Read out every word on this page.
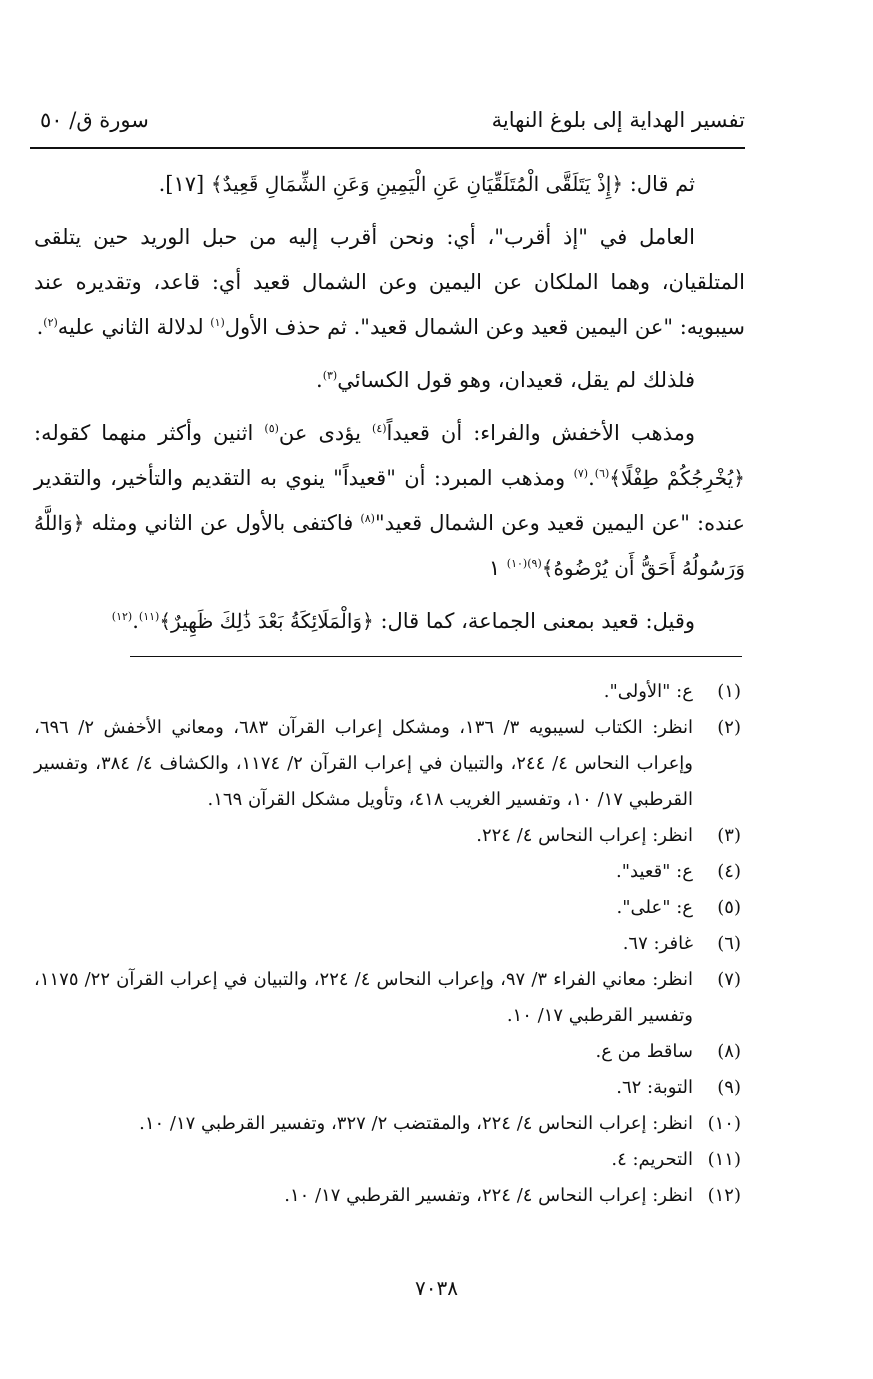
تفسير الهداية إلى بلوغ النهاية
سورة ق/ ٥٠

ثم قال: ﴿إِذْ يَتَلَقَّى الْمُتَلَقِّيَانِ عَنِ الْيَمِينِ وَعَنِ الشِّمَالِ قَعِيدٌ﴾ [١٧].

العامل في "إذ أقرب"، أي: ونحن أقرب إليه من حبل الوريد حين يتلقى المتلقيان، وهما الملكان عن اليمين وعن الشمال قعيد أي: قاعد، وتقديره عند سيبويه: "عن اليمين قعيد وعن الشمال قعيد". ثم حذف الأول$^{(١)}$ لدلالة الثاني عليه$^{(٢)}$.

فلذلك لم يقل، قعيدان، وهو قول الكسائي$^{(٣)}$.

ومذهب الأخفش والفراء: أن قعيداً$^{(٤)}$ يؤدى عن$^{(٥)}$ اثنين وأكثر منهما كقوله: ﴿يُخْرِجُكُمْ طِفْلًا﴾$^{(٦)}$.$^{(٧)}$ ومذهب المبرد: أن "قعيداً" ينوي به التقديم والتأخير، والتقدير عنده: "عن اليمين قعيد وعن الشمال قعيد"$^{(٨)}$ فاكتفى بالأول عن الثاني ومثله ﴿وَاللَّهُ وَرَسُولُهُ أَحَقُّ أَن يُرْضُوهُ﴾$^{(٩)(١٠)}$ ١

وقيل: قعيد بمعنى الجماعة، كما قال: ﴿وَالْمَلَائِكَةُ بَعْدَ ذَٰلِكَ ظَهِيرٌ﴾$^{(١١)}$.$^{(١٢)}$

(١)
ع: "الأولى".
(٢)
انظر: الكتاب لسيبويه ٣/ ١٣٦، ومشكل إعراب القرآن ٦٨٣، ومعاني الأخفش ٢/ ٦٩٦، وإعراب النحاس ٤/ ٢٤٤، والتبيان في إعراب القرآن ٢/ ١١٧٤، والكشاف ٤/ ٣٨٤، وتفسير القرطبي ١٧/ ١٠، وتفسير الغريب ٤١٨، وتأويل مشكل القرآن ١٦٩.
(٣)
انظر: إعراب النحاس ٤/ ٢٢٤.
(٤)
ع: "قعيد".
(٥)
ع: "على".
(٦)
غافر: ٦٧.
(٧)
انظر: معاني الفراء ٣/ ٩٧، وإعراب النحاس ٤/ ٢٢٤، والتبيان في إعراب القرآن ٢٢/ ١١٧٥، وتفسير القرطبي ١٧/ ١٠.
(٨)
ساقط من ع.
(٩)
التوبة: ٦٢.
(١٠)
انظر: إعراب النحاس ٤/ ٢٢٤، والمقتضب ٢/ ٣٢٧، وتفسير القرطبي ١٧/ ١٠.
(١١)
التحريم: ٤.
(١٢)
انظر: إعراب النحاس ٤/ ٢٢٤، وتفسير القرطبي ١٧/ ١٠.
٧٠٣٨
